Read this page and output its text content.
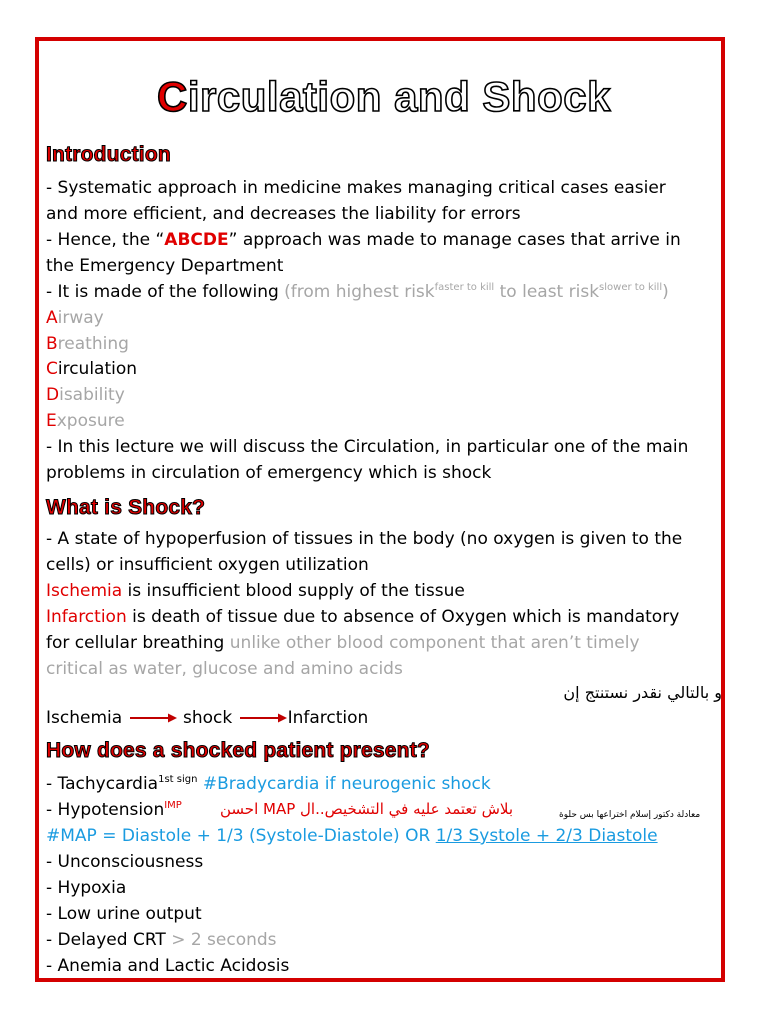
Circulation and Shock
Introduction
- Systematic approach in medicine makes managing critical cases easier
and more efficient, and decreases the liability for errors
- Hence, the “ABCDE” approach was made to manage cases that arrive in
the Emergency Department
- It is made of the following (from highest risk$^{faster to kill}$ to least risk$^{slower to kill}$)
Airway
Breathing
Circulation
Disability
Exposure
- In this lecture we will discuss the Circulation, in particular one of the main
problems in circulation of emergency which is shock
What is Shock?
- A state of hypoperfusion of tissues in the body (no oxygen is given to the
cells) or insufficient oxygen utilization
Ischemia is insufficient blood supply of the tissue
Infarction is death of tissue due to absence of Oxygen which is mandatory
for cellular breathing unlike other blood component that aren’t timely
critical as water, glucose and amino acids
و بالتالي نقدر نستنتج إن
Ischemia	shock	Infarction
How does a shocked patient present?
- Tachycardia$^{1st sign}$ #Bradycardia if neurogenic shock
- Hypotension$^{IMP}$	بلاش تعتمد عليه في التشخيص..ال MAP احسن	معادلة دكتور إسلام اختراعها بس حلوة
#MAP = Diastole + 1/3 (Systole-Diastole) OR 1/3 Systole + 2/3 Diastole
- Unconsciousness
- Hypoxia
- Low urine output
- Delayed CRT > 2 seconds
- Anemia and Lactic Acidosis
